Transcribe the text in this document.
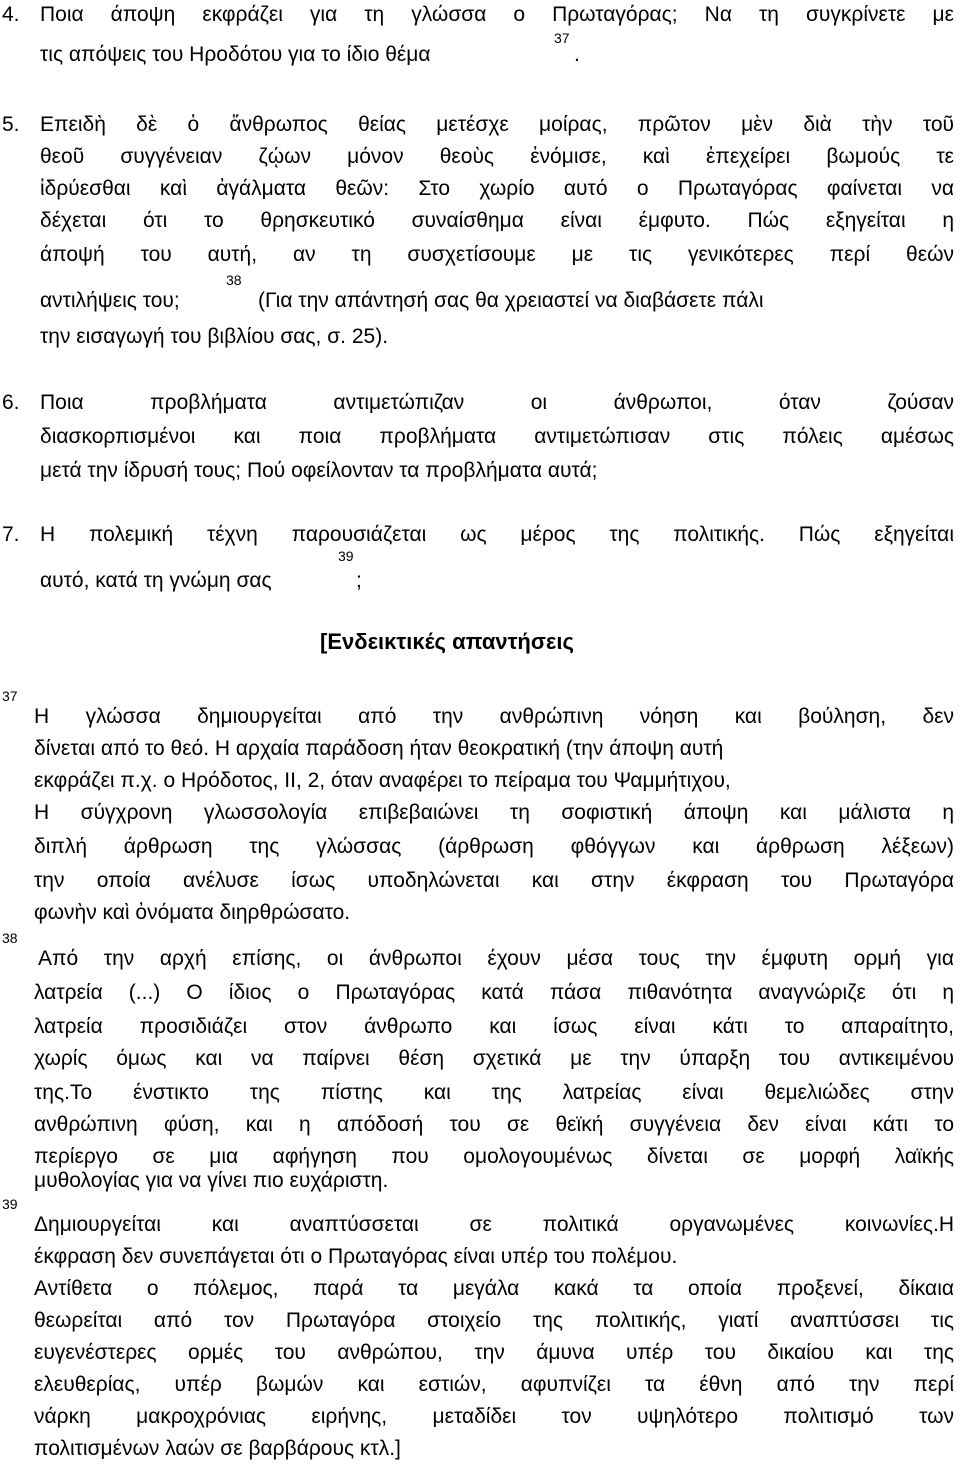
4. Ποια άποψη εκφράζει για τη γλώσσα ο Πρωταγόρας; Να τη συγκρίνετε με
τις απόψεις του Ηροδότου για το ίδιο θέμα
37
.
5. Επειδὴ δὲ ὁ ἄνθρωπος θείας μετέσχε μοίρας, πρῶτον μὲν διὰ τὴν τοῦ
θεοῦ συγγένειαν ζῴων μόνον θεοὺς ἐνόμισε, καὶ ἐπεχείρει βωμούς τε
ἱδρύεσθαι καὶ ἀγάλματα θεῶν: Στο χωρίο αυτό ο Πρωταγόρας φαίνεται να
δέχεται ότι το θρησκευτικό συναίσθημα είναι έμφυτο. Πώς εξηγείται η
άποψή του αυτή, αν τη συσχετίσουμε με τις γενικότερες περί θεών
αντιλήψεις του;
38
(Για την απάντησή σας θα χρειαστεί να διαβάσετε πάλι
την εισαγωγή του βιβλίου σας, σ. 25).
6. Ποια προβλήματα αντιμετώπιζαν οι άνθρωποι, όταν ζούσαν
διασκορπισμένοι και ποια προβλήματα αντιμετώπισαν στις πόλεις αμέσως
μετά την ίδρυσή τους; Πού οφείλονταν τα προβλήματα αυτά;
7. Η πολεμική τέχνη παρουσιάζεται ως μέρος της πολιτικής. Πώς εξηγείται
αυτό, κατά τη γνώμη σας
39
;
[Ενδεικτικές απαντήσεις
37
Η γλώσσα δημιουργείται από την ανθρώπινη νόηση και βούληση, δεν
δίνεται από το θεό. Η αρχαία παράδοση ήταν θεοκρατική (την άποψη αυτή
εκφράζει π.χ. ο Ηρόδοτος, ΙΙ, 2, όταν αναφέρει το πείραμα του Ψαμμήτιχου,
Η σύγχρονη γλωσσολογία επιβεβαιώνει τη σοφιστική άποψη και μάλιστα η
διπλή άρθρωση της γλώσσας (άρθρωση φθόγγων και άρθρωση λέξεων)
την οποία ανέλυσε ίσως υποδηλώνεται και στην έκφραση του Πρωταγόρα
φωνὴν καὶ ὀνόματα διηρθρώσατο.
38
Από την αρχή επίσης, οι άνθρωποι έχουν μέσα τους την έμφυτη ορμή για
λατρεία (...) Ο ίδιος ο Πρωταγόρας κατά πάσα πιθανότητα αναγνώριζε ότι η
λατρεία προσιδιάζει στον άνθρωπο και ίσως είναι κάτι το απαραίτητο,
χωρίς όμως και να παίρνει θέση σχετικά με την ύπαρξη του αντικειμένου
της.Το ένστικτο της πίστης και της λατρείας είναι θεμελιώδες στην
ανθρώπινη φύση, και η απόδοσή του σε θεϊκή συγγένεια δεν είναι κάτι το
περίεργο σε μια αφήγηση που ομολογουμένως δίνεται σε μορφή λαϊκής
μυθολογίας για να γίνει πιο ευχάριστη.
39
Δημιουργείται και αναπτύσσεται σε πολιτικά οργανωμένες κοινωνίες.Η
έκφραση δεν συνεπάγεται ότι ο Πρωταγόρας είναι υπέρ του πολέμου.
Αντίθετα ο πόλεμος, παρά τα μεγάλα κακά τα οποία προξενεί, δίκαια
θεωρείται από τον Πρωταγόρα στοιχείο της πολιτικής, γιατί αναπτύσσει τις
ευγενέστερες ορμές του ανθρώπου, την άμυνα υπέρ του δικαίου και της
ελευθερίας, υπέρ βωμών και εστιών, αφυπνίζει τα έθνη από την περί
νάρκη μακροχρόνιας ειρήνης, μεταδίδει τον υψηλότερο πολιτισμό των
πολιτισμένων λαών σε βαρβάρους κτλ.]
